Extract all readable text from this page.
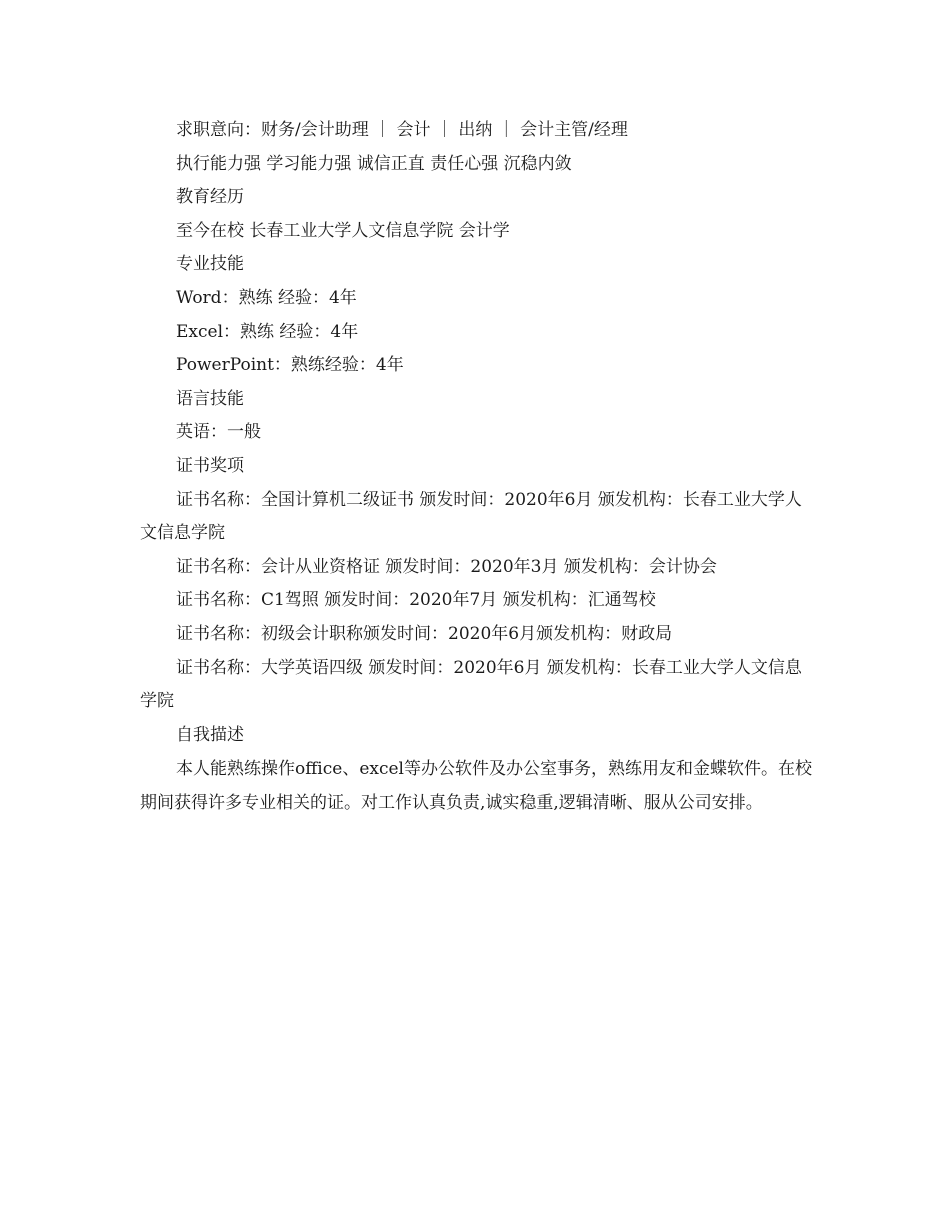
求职意向：财务/会计助理 ｜ 会计 ｜ 出纳 ｜ 会计主管/经理

执行能力强 学习能力强 诚信正直 责任心强 沉稳内敛

教育经历

至今在校 长春工业大学人文信息学院 会计学

专业技能

Word：熟练 经验：4年

Excel：熟练 经验：4年

PowerPoint：熟练经验：4年

语言技能

英语：一般

证书奖项

证书名称：全国计算机二级证书 颁发时间：2020年6月 颁发机构：长春工业大学人文信息学院

证书名称：会计从业资格证 颁发时间：2020年3月 颁发机构：会计协会

证书名称：C1驾照 颁发时间：2020年7月 颁发机构：汇通驾校

证书名称：初级会计职称颁发时间：2020年6月颁发机构：财政局

证书名称：大学英语四级 颁发时间：2020年6月 颁发机构：长春工业大学人文信息学院

自我描述

本人能熟练操作office、excel等办公软件及办公室事务，熟练用友和金蝶软件。在校期间获得许多专业相关的证。对工作认真负责,诚实稳重,逻辑清晰、服从公司安排。
